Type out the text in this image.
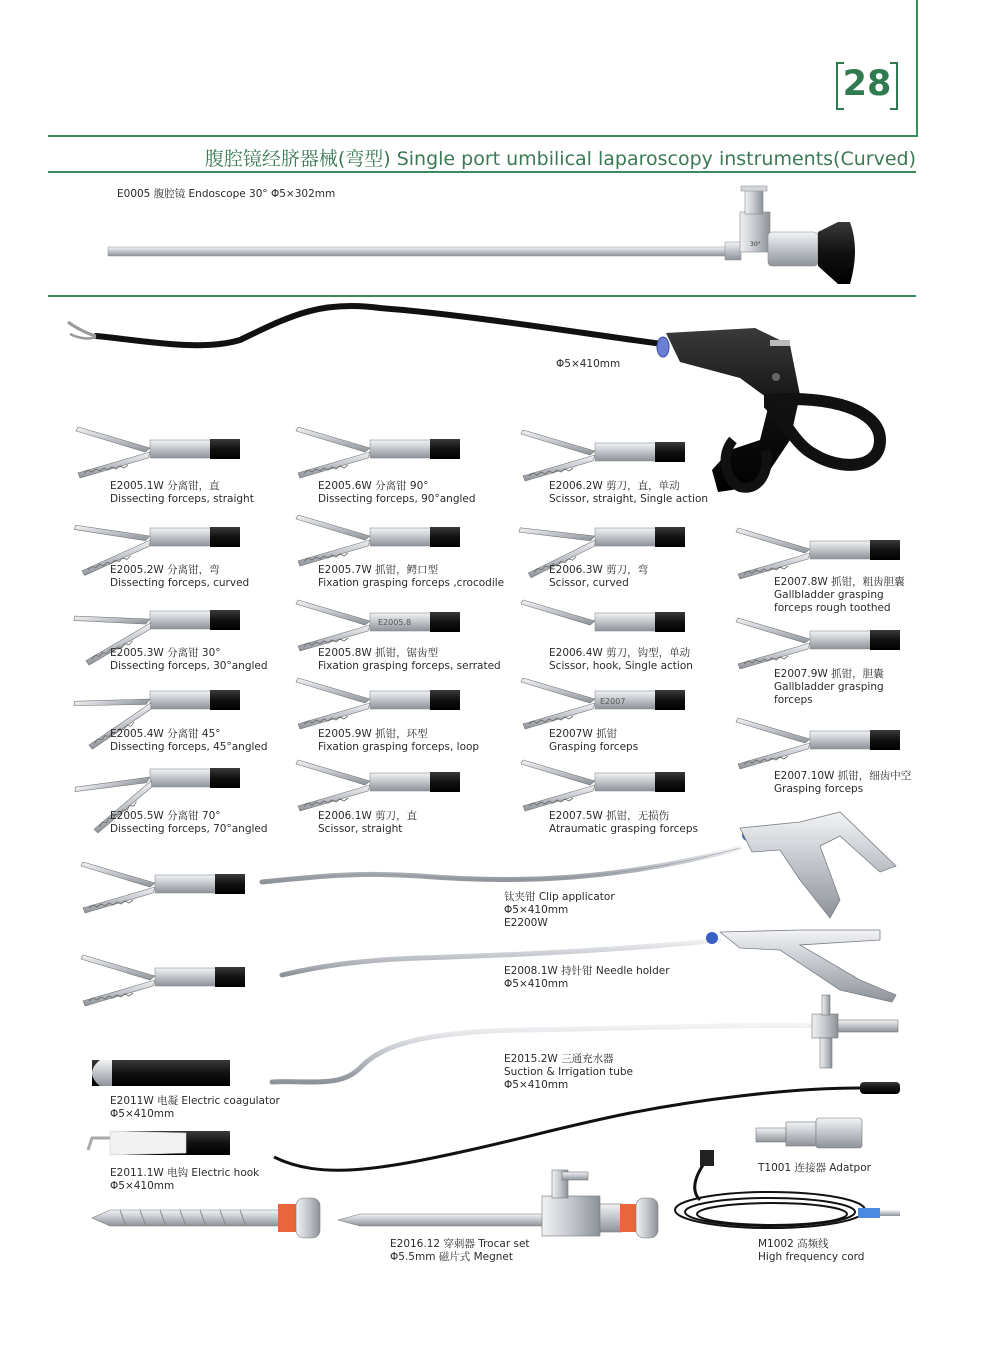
28
腹腔镜经脐器械(弯型) Single port umbilical laparoscopy instruments(Curved)
30°
E2005.8
E2007
E0005 腹腔镜 Endoscope 30° Φ5×302mm
Φ5×410mm
E2005.1W 分离钳，直
Dissecting forceps, straight
E2005.2W 分离钳，弯
Dissecting forceps, curved
E2005.3W 分离钳 30°
Dissecting forceps, 30°angled
E2005.4W 分离钳 45°
Dissecting forceps, 45°angled
E2005.5W 分离钳 70°
Dissecting forceps, 70°angled
E2005.6W 分离钳 90°
Dissecting forceps, 90°angled
E2005.7W 抓钳，鳄口型
Fixation grasping forceps ,crocodile
E2005.8W 抓钳，锯齿型
Fixation grasping forceps, serrated
E2005.9W 抓钳，环型
Fixation grasping forceps, loop
E2006.1W 剪刀，直
Scissor, straight
E2006.2W 剪刀，直，单动
Scissor, straight, Single action
E2006.3W 剪刀，弯
Scissor, curved
E2006.4W 剪刀，钩型，单动
Scissor, hook, Single action
E2007W 抓钳
Grasping forceps
E2007.5W 抓钳，无损伤
Atraumatic grasping forceps
E2007.8W 抓钳，粗齿胆囊
Gallbladder grasping
forceps rough toothed
E2007.9W 抓钳，胆囊
Gallbladder grasping
forceps
E2007.10W 抓钳，细齿中空
Grasping forceps
钛夹钳 Clip applicator
Φ5×410mm
E2200W
E2008.1W 持针钳 Needle holder
Φ5×410mm
E2015.2W 三通充水器
Suction & Irrigation tube
Φ5×410mm
E2011W 电凝 Electric coagulator
Φ5×410mm
E2011.1W 电钩 Electric hook
Φ5×410mm
T1001 连接器 Adatpor
E2016.12 穿刺器 Trocar set
Φ5.5mm 磁片式 Megnet
M1002 高频线
High frequency cord
